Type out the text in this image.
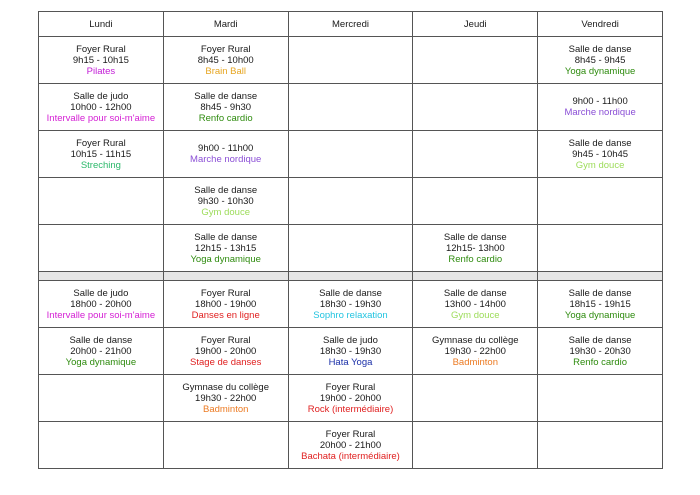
Lundi	Mardi	Mercredi	Jeudi	Vendredi

Foyer Rural
9h15 - 10h15
Pilates	Foyer Rural
8h45 - 10h00
Brain Ball			Salle de danse
8h45 - 9h45
Yoga dynamique

Salle de judo
10h00 - 12h00
Intervalle pour soi-m'aime	Salle de danse
8h45 - 9h30
Renfo cardio			9h00 - 11h00
Marche nordique

Foyer Rural
10h15 - 11h15
Streching	9h00 - 11h00
Marche nordique			Salle de danse
9h45 - 10h45
Gym douce

	Salle de danse
9h30 - 10h30
Gym douce			

	Salle de danse
12h15 - 13h15
Yoga dynamique		Salle de danse
12h15- 13h00
Renfo cardio	

Salle de judo
18h00 - 20h00
Intervalle pour soi-m'aime	Foyer Rural
18h00 - 19h00
Danses en ligne	Salle de danse
18h30 - 19h30
Sophro relaxation	Salle de danse
13h00 - 14h00
Gym douce	Salle de danse
18h15 - 19h15
Yoga dynamique

Salle de danse
20h00 - 21h00
Yoga dynamique	Foyer Rural
19h00 - 20h00
Stage de danses	Salle de judo
18h30 - 19h30
Hata Yoga	Gymnase du collège
19h30 - 22h00
Badminton	Salle de danse
19h30 - 20h30
Renfo cardio

	Gymnase du collège
19h30 - 22h00
Badminton	Foyer Rural
19h00 - 20h00
Rock (intermédiaire)		

		Foyer Rural
20h00 - 21h00
Bachata (intermédiaire)		
